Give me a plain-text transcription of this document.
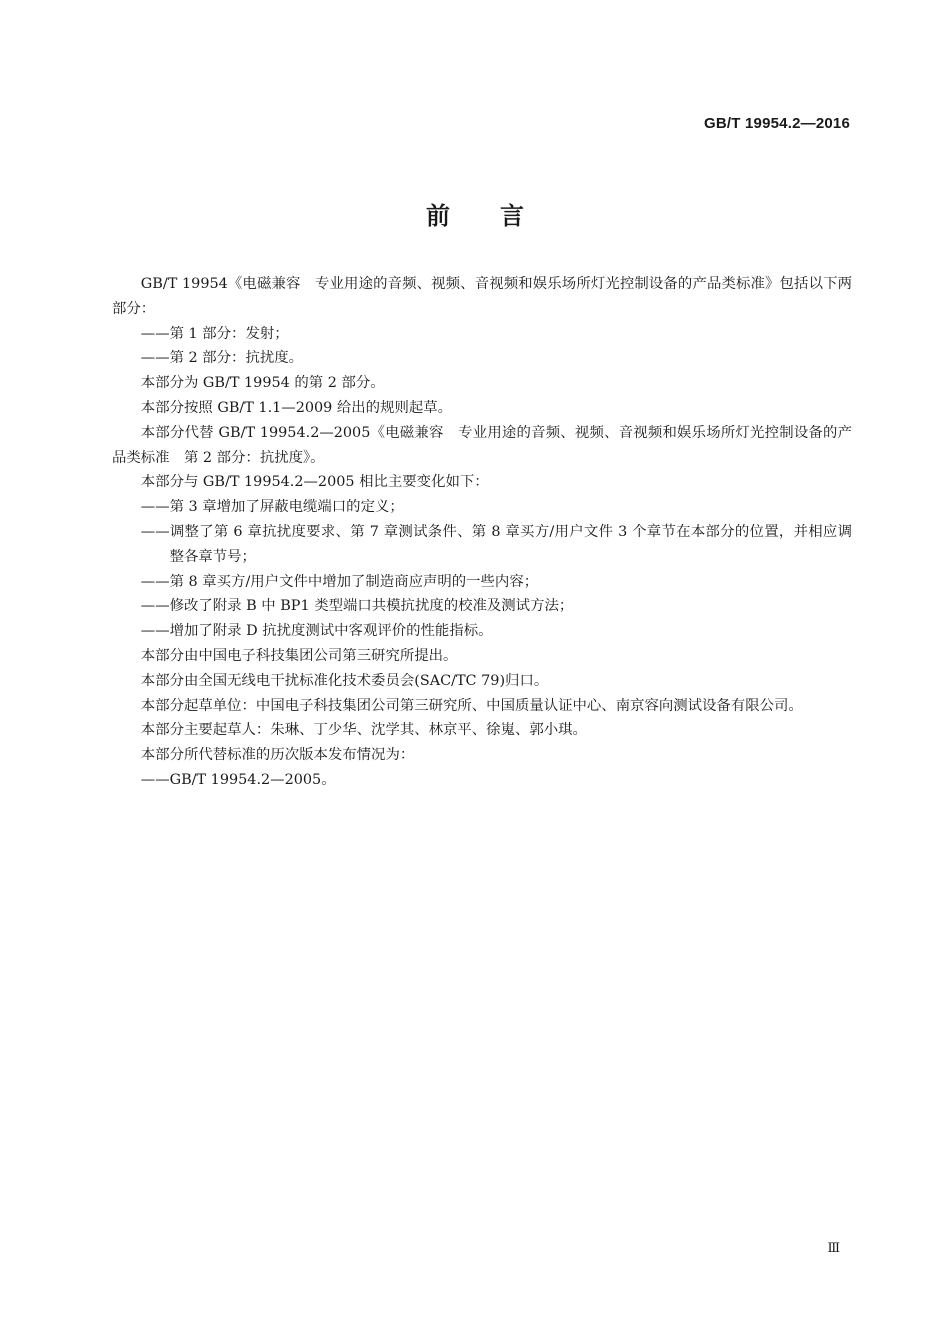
GB/T 19954.2—2016
前言

GB/T 19954《电磁兼容　专业用途的音频、视频、音视频和娱乐场所灯光控制设备的产品类标准》包括以下两部分：

——第 1 部分：发射；

——第 2 部分：抗扰度。

本部分为 GB/T 19954 的第 2 部分。

本部分按照 GB/T 1.1—2009 给出的规则起草。

本部分代替 GB/T 19954.2—2005《电磁兼容　专业用途的音频、视频、音视频和娱乐场所灯光控制设备的产品类标准　第 2 部分：抗扰度》。

本部分与 GB/T 19954.2—2005 相比主要变化如下：

——第 3 章增加了屏蔽电缆端口的定义；

——调整了第 6 章抗扰度要求、第 7 章测试条件、第 8 章买方/用户文件 3 个章节在本部分的位置，并相应调整各章节号；

——第 8 章买方/用户文件中增加了制造商应声明的一些内容；

——修改了附录 B 中 BP1 类型端口共模抗扰度的校准及测试方法；

——增加了附录 D 抗扰度测试中客观评价的性能指标。

本部分由中国电子科技集团公司第三研究所提出。

本部分由全国无线电干扰标准化技术委员会(SAC/TC 79)归口。

本部分起草单位：中国电子科技集团公司第三研究所、中国质量认证中心、南京容向测试设备有限公司。

本部分主要起草人：朱琳、丁少华、沈学其、林京平、徐嵬、郭小琪。

本部分所代替标准的历次版本发布情况为：

——GB/T 19954.2—2005。

Ⅲ
